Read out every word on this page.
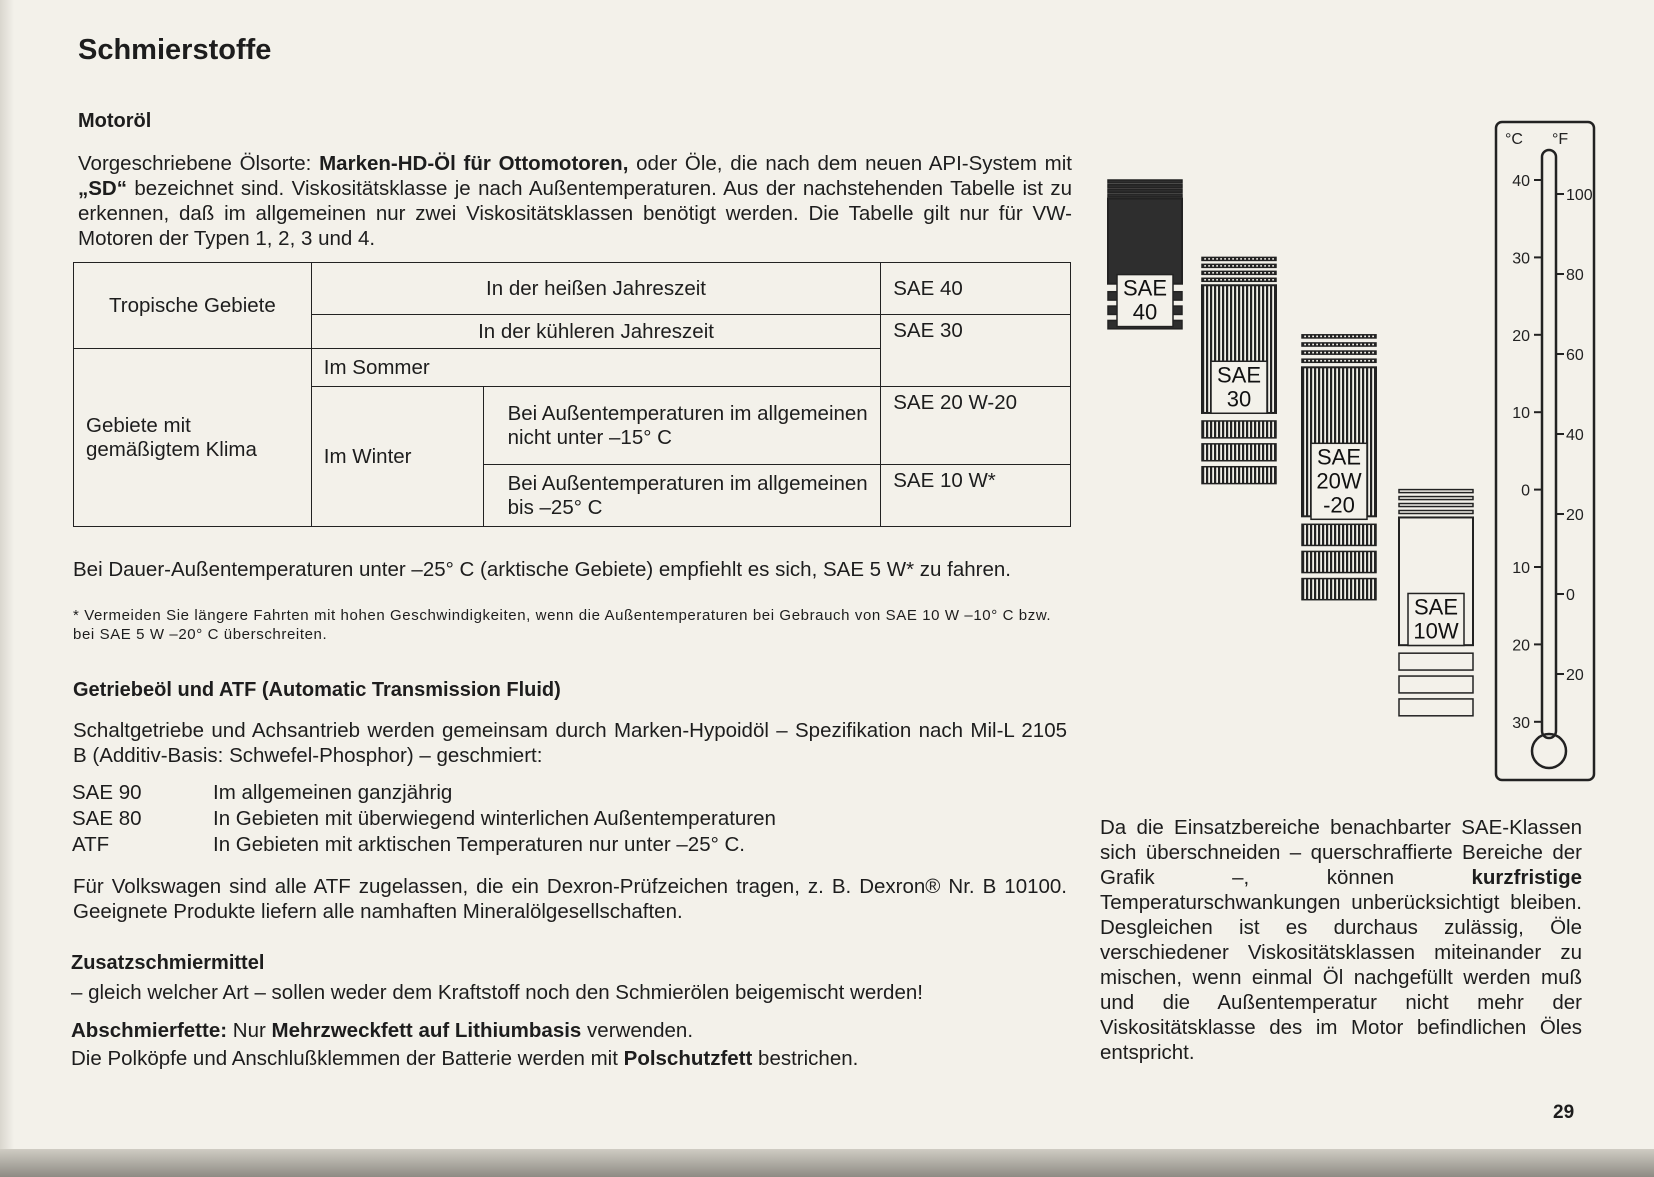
Schmierstoffe
Motoröl
Vorgeschriebene Ölsorte: Marken-HD-Öl für Ottomotoren, oder Öle, die nach dem neuen API-System mit „SD“ bezeichnet sind. Viskositätsklasse je nach Außentemperaturen. Aus der nachstehenden Tabelle ist zu erkennen, daß im allgemeinen nur zwei Viskositätsklassen benötigt werden. Die Tabelle gilt nur für VW-Motoren der Typen 1, 2, 3 und 4.
Tropische Gebiete	In der heißen Jahreszeit		SAE 40
	In der kühleren Jahreszeit		SAE 30
Gebiete mit gemäßigtem Klima	Im Sommer		
	Im Winter	Bei Außentemperaturen im allgemeinen nicht unter –15° C	SAE 20 W-20
		Bei Außentemperaturen im allgemeinen bis –25° C	SAE 10 W*
Bei Dauer-Außentemperaturen unter –25° C (arktische Gebiete) empfiehlt es sich, SAE 5 W* zu fahren.
* Vermeiden Sie längere Fahrten mit hohen Geschwindigkeiten, wenn die Außentemperaturen bei Gebrauch von SAE 10 W –10° C bzw. bei SAE 5 W –20° C überschreiten.
Getriebeöl und ATF (Automatic Transmission Fluid)
Schaltgetriebe und Achsantrieb werden gemeinsam durch Marken-Hypoidöl – Spezifikation nach Mil-L 2105 B (Additiv-Basis: Schwefel-Phosphor) – geschmiert:
SAE 90	Im allgemeinen ganzjährig
SAE 80	In Gebieten mit überwiegend winterlichen Außentemperaturen
ATF	In Gebieten mit arktischen Temperaturen nur unter –25° C.
Für Volkswagen sind alle ATF zugelassen, die ein Dexron-Prüfzeichen tragen, z. B. Dexron® Nr. B 10100. Geeignete Produkte liefern alle namhaften Mineralölgesellschaften.
Zusatzschmiermittel
– gleich welcher Art – sollen weder dem Kraftstoff noch den Schmierölen beigemischt werden!
Abschmierfette: Nur Mehrzweckfett auf Lithiumbasis verwenden.
Die Polköpfe und Anschlußklemmen der Batterie werden mit Polschutzfett bestrichen.
Da die Einsatzbereiche benachbarter SAE-Klassen sich überschneiden – querschraffierte Bereiche der Grafik –, können kurzfristige Temperaturschwankungen unberücksichtigt bleiben. Desgleichen ist es durchaus zulässig, Öle verschiedener Viskositätsklassen miteinander zu mischen, wenn einmal Öl nachgefüllt werden muß und die Außentemperatur nicht mehr der Viskositätsklasse des im Motor befindlichen Öles entspricht.
SAE
40
SAE
30
SAE
20W
-20
SAE
10W
40
30
20
10
0
10
20
30
100
80
60
40
20
0
20
°C °F
29
